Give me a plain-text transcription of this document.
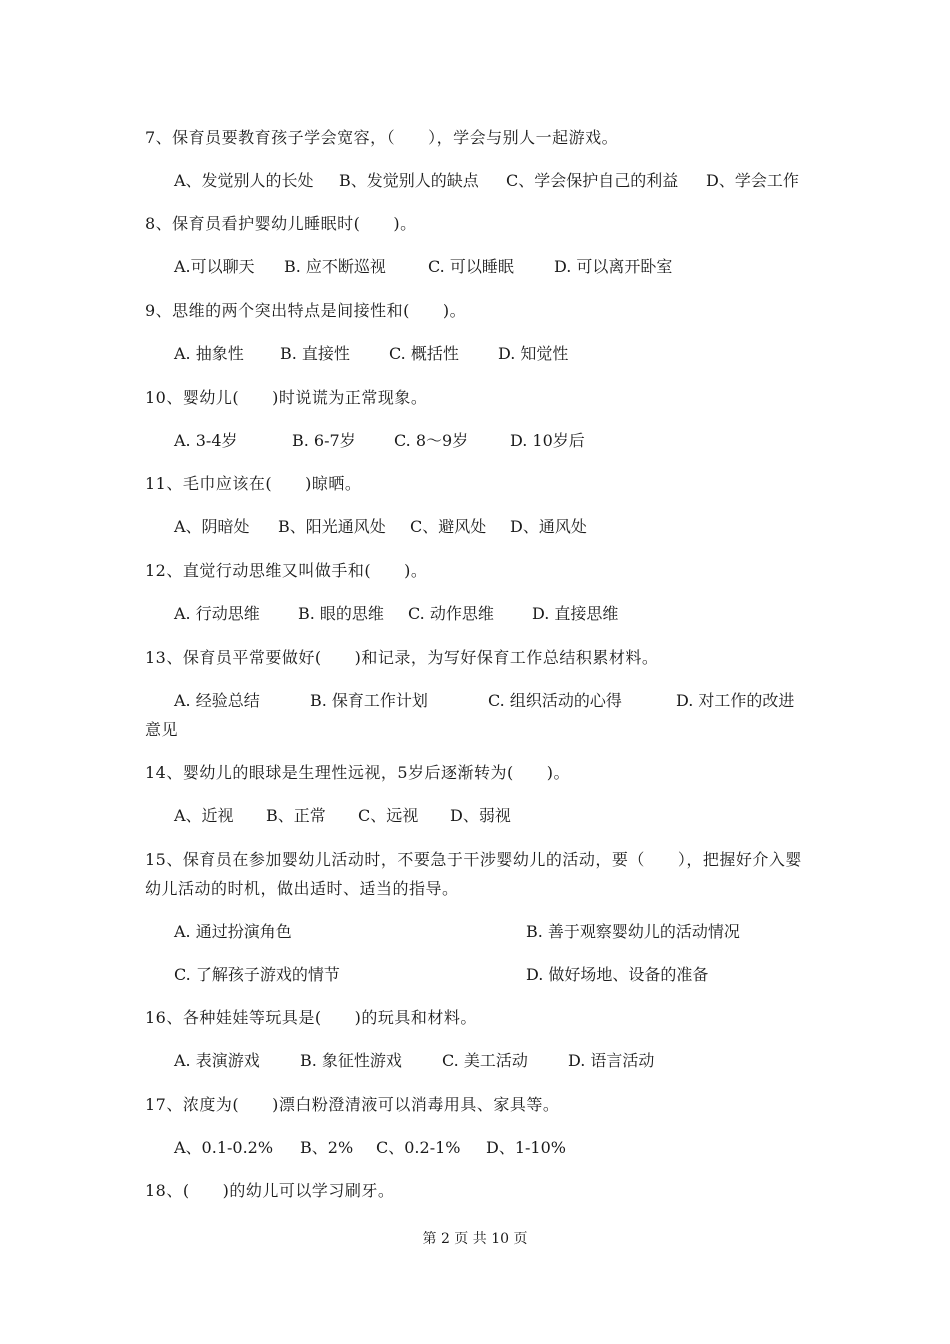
7、保育员要教育孩子学会宽容，（　　），学会与别人一起游戏。
A、发觉别人的长处 B、发觉别人的缺点 C、学会保护自己的利益 D、学会工作
8、保育员看护婴幼儿睡眠时(　　)。
A.可以聊天 B. 应不断巡视	C. 可以睡眠	D. 可以离开卧室
9、思维的两个突出特点是间接性和(　　)。
A. 抽象性 B. 直接性 C. 概括性 D. 知觉性
10、婴幼儿(　　)时说谎为正常现象。
A. 3-4岁	B. 6-7岁 C. 8～9岁	D. 10岁后
11、毛巾应该在(　　)晾晒。
A、阴暗处 B、阳光通风处 C、避风处 D、通风处
12、直觉行动思维又叫做手和(　　)。
A. 行动思维 B. 眼的思维 C. 动作思维 D. 直接思维
13、保育员平常要做好(　　)和记录，为写好保育工作总结积累材料。
A. 经验总结	B. 保育工作计划	C. 组织活动的心得	D. 对工作的改进
意见
14、婴幼儿的眼球是生理性远视，5岁后逐渐转为(　　)。
A、近视 B、正常 C、远视 D、弱视
15、保育员在参加婴幼儿活动时，不要急于干涉婴幼儿的活动，要（　　），把握好介入婴
幼儿活动的时机，做出适时、适当的指导。
A. 通过扮演角色	B. 善于观察婴幼儿的活动情况
C. 了解孩子游戏的情节	D. 做好场地、设备的准备
16、各种娃娃等玩具是(　　)的玩具和材料。
A. 表演游戏	B. 象征性游戏	C. 美工活动	D. 语言活动
17、浓度为(　　)漂白粉澄清液可以消毒用具、家具等。
A、0.1-0.2% B、2% C、0.2-1% D、1-10%
18、(　　)的幼儿可以学习刷牙。
第 2 页 共 10 页
